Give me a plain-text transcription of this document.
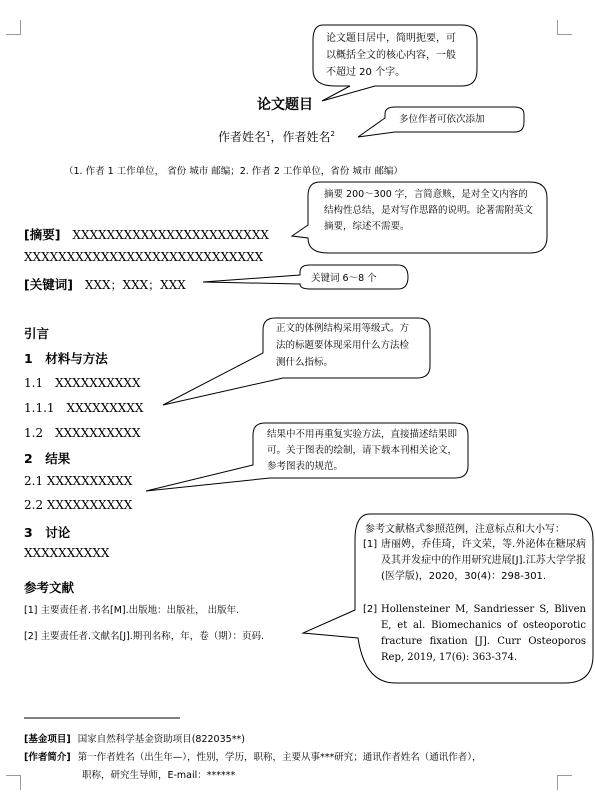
论文题目
作者姓名$^1$，作者姓名$^2$
（1. 作者 1 工作单位， 省份 城市 邮编；2. 作者 2 工作单位，省份 城市 邮编）
[摘要] XXXXXXXXXXXXXXXXXXXXXXX
XXXXXXXXXXXXXXXXXXXXXXXXXXXX
[关键词] XXX；XXX；XXX
引言
1　材料与方法
1.1　XXXXXXXXXX
1.1.1　XXXXXXXXX
1.2　XXXXXXXXXX
2　结果
2.1 XXXXXXXXXX
2.2 XXXXXXXXXX
3　讨论
XXXXXXXXXX
参考文献
[1] 主要责任者.书名[M].出版地：出版社， 出版年.
[2] 主要责任者.文献名[J].期刊名称，年，卷（期）：页码.
论文题目居中，简明扼要，可以概括全文的核心内容，一般不超过 20 个字。
多位作者可依次添加
摘要 200～300 字，言简意赅，是对全文内容的结构性总结，是对写作思路的说明。论著需附英文摘要，综述不需要。
关键词 6～8 个
正文的体例结构采用等级式。方法的标题要体现采用什么方法检测什么指标。
结果中不用再重复实验方法，直接描述结果即可。关于图表的绘制，请下载本刊相关论文，参考图表的规范。
参考文献格式参照范例，注意标点和大小写：
[1] 唐丽娉，乔佳琦，许文荣，等.外泌体在糖尿病及其并发症中的作用研究进展[J].江苏大学学报(医学版)，2020，30(4)：298-301.
[2] Hollensteiner M, Sandriesser S, Bliven E, et al. Biomechanics of osteoporotic fracture fixation [J]. Curr Osteoporos Rep, 2019, 17(6): 363-374.
[基金项目] 国家自然科学基金资助项目(822035**)
[作者简介] 第一作者姓名（出生年—），性别，学历，职称，主要从事***研究；通讯作者姓名（通讯作者），
职称，研究生导师，E-mail：******
